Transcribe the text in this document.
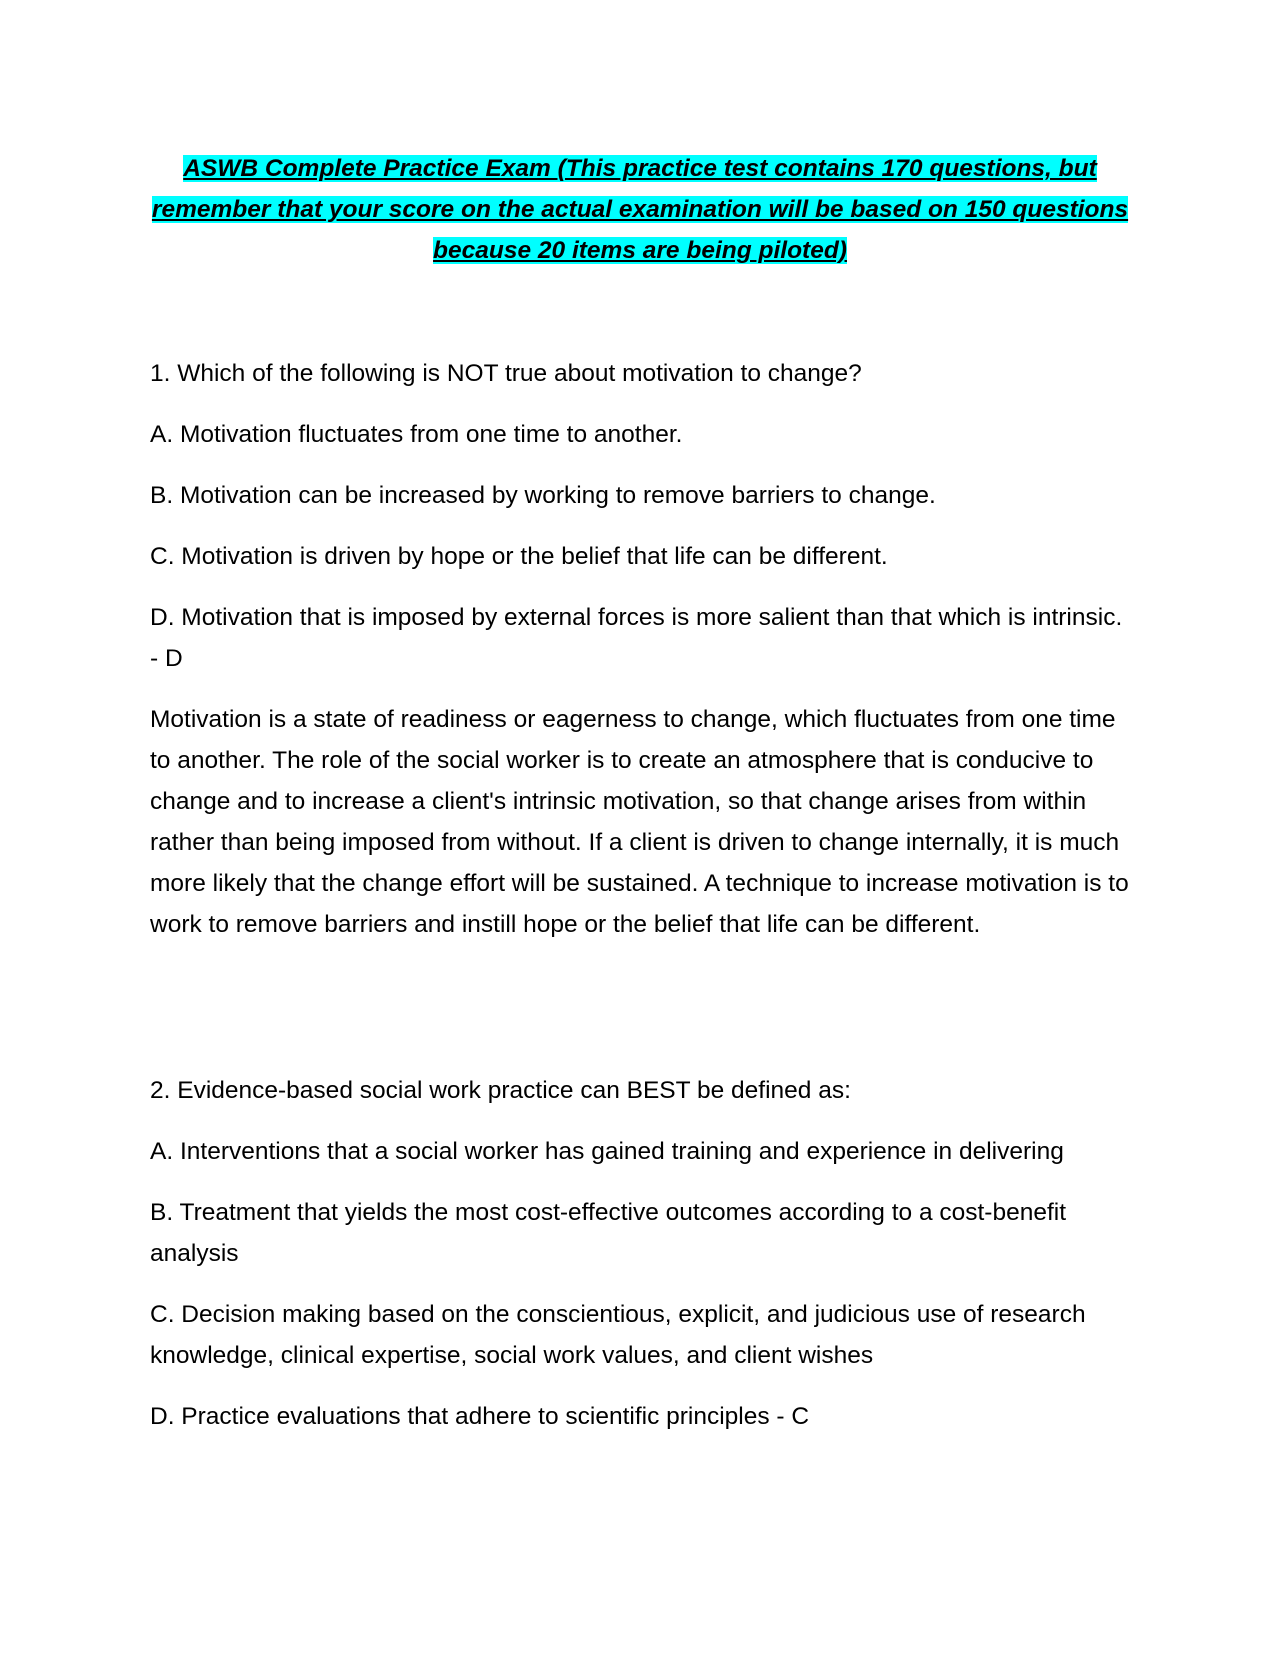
ASWB Complete Practice Exam (This practice test contains 170 questions, but remember that your score on the actual examination will be based on 150 questions because 20 items are being piloted)

1. Which of the following is NOT true about motivation to change?

A. Motivation fluctuates from one time to another.

B. Motivation can be increased by working to remove barriers to change.

C. Motivation is driven by hope or the belief that life can be different.

D. Motivation that is imposed by external forces is more salient than that which is intrinsic. - D

Motivation is a state of readiness or eagerness to change, which fluctuates from one time to another. The role of the social worker is to create an atmosphere that is conducive to change and to increase a client's intrinsic motivation, so that change arises from within rather than being imposed from without. If a client is driven to change internally, it is much more likely that the change effort will be sustained. A technique to increase motivation is to work to remove barriers and instill hope or the belief that life can be different.

2. Evidence-based social work practice can BEST be defined as:

A. Interventions that a social worker has gained training and experience in delivering

B. Treatment that yields the most cost-effective outcomes according to a cost-benefit analysis

C. Decision making based on the conscientious, explicit, and judicious use of research knowledge, clinical expertise, social work values, and client wishes

D. Practice evaluations that adhere to scientific principles - C
